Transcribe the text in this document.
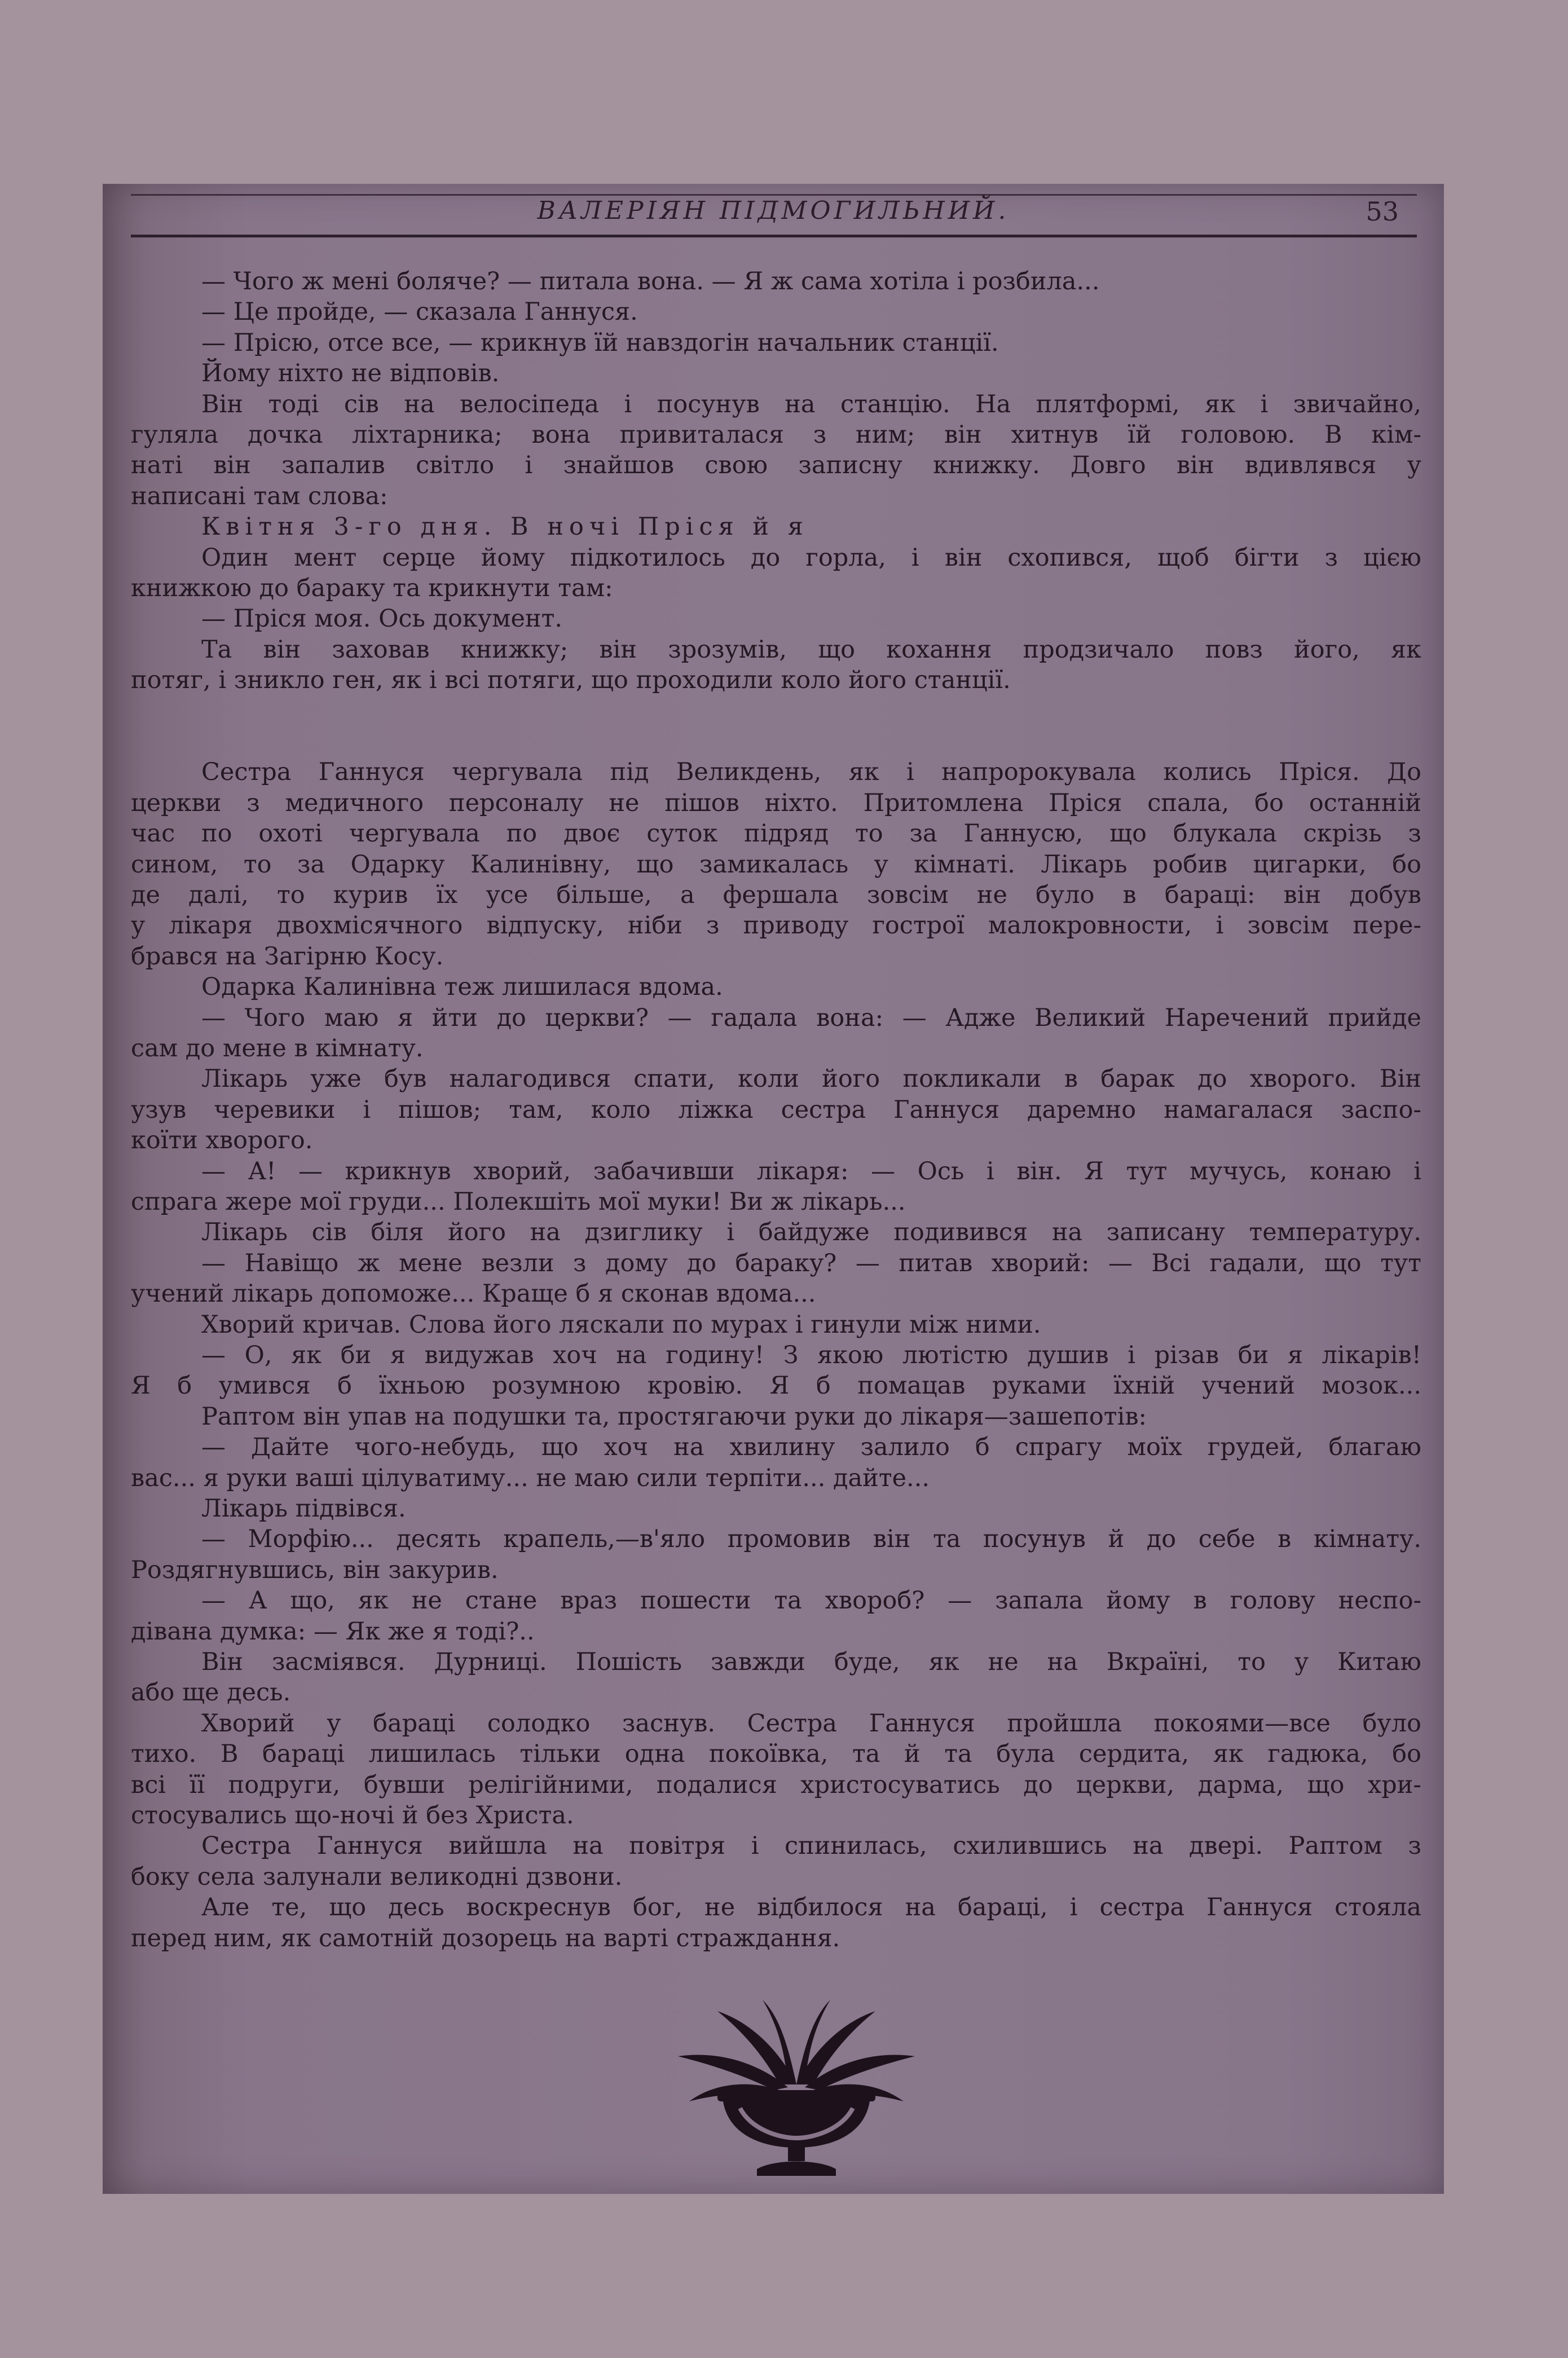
ВАЛЕРІЯН ПІДМОГИЛЬНИЙ.	53
— Чого ж мені боляче? — питала вона. — Я ж сама хотіла і розбила...
— Це пройде, — сказала Ганнуся.
— Прісю, отсе все, — крикнув їй навздогін начальник станції.
Йому ніхто не відповів.
Він тоді сів на велосіпеда і посунув на станцію. На плятформі, як і звичайно,
гуляла дочка ліхтарника; вона привиталася з ним; він хитнув їй головою. В кім-
наті він запалив світло і знайшов свою записну книжку. Довго він вдивлявся у
написані там слова:
Квітня 3-го дня. В ночі Пріся й я
Один мент серце йому підкотилось до горла, і він схопився, щоб бігти з цією
книжкою до бараку та крикнути там:
— Пріся моя. Ось документ.
Та він заховав книжку; він зрозумів, що кохання продзичало повз його, як
потяг, і зникло ген, як і всі потяги, що проходили коло його станції.
Сестра Ганнуся чергувала під Великдень, як і напророкувала колись Пріся. До
церкви з медичного персоналу не пішов ніхто. Притомлена Пріся спала, бо останній
час по охоті чергувала по двоє суток підряд то за Ганнусю, що блукала скрізь з
сином, то за Одарку Калинівну, що замикалась у кімнаті. Лікарь робив цигарки, бо
де далі, то курив їх усе більше, а фершала зовсім не було в бараці: він добув
у лікаря двохмісячного відпуску, ніби з приводу гострої малокровности, і зовсім пере-
брався на Загірню Косу.
Одарка Калинівна теж лишилася вдома.
— Чого маю я йти до церкви? — гадала вона: — Адже Великий Наречений прийде
сам до мене в кімнату.
Лікарь уже був налагодився спати, коли його покликали в барак до хворого. Він
узув черевики і пішов; там, коло ліжка сестра Ганнуся даремно намагалася заспо-
коїти хворого.
— А! — крикнув хворий, забачивши лікаря: — Ось і він. Я тут мучусь, конаю і
спрага жере мої груди... Полекшіть мої муки! Ви ж лікарь...
Лікарь сів біля його на дзиглику і байдуже подивився на записану температуру.
— Навіщо ж мене везли з дому до бараку? — питав хворий: — Всі гадали, що тут
учений лікарь допоможе... Краще б я сконав вдома...
Хворий кричав. Слова його ляскали по мурах і гинули між ними.
— О, як би я видужав хоч на годину! З якою лютістю душив і різав би я лікарів!
Я б умився б їхньою розумною кровію. Я б помацав руками їхній учений мозок...
Раптом він упав на подушки та, простягаючи руки до лікаря—зашепотів:
— Дайте чого-небудь, що хоч на хвилину залило б спрагу моїх грудей, благаю
вас... я руки ваші цілуватиму... не маю сили терпіти... дайте...
Лікарь підвівся.
— Морфію... десять крапель,—в'яло промовив він та посунув й до себе в кімнату.
Роздягнувшись, він закурив.
— А що, як не стане враз пошести та хвороб? — запала йому в голову неспо-
дівана думка: — Як же я тоді?..
Він засміявся. Дурниці. Пошість завжди буде, як не на Вкраїні, то у Китаю
або ще десь.
Хворий у бараці солодко заснув. Сестра Ганнуся пройшла покоями—все було
тихо. В бараці лишилась тільки одна покоївка, та й та була сердита, як гадюка, бо
всі її подруги, бувши релігійними, подалися христосуватись до церкви, дарма, що хри-
стосувались що-ночі й без Христа.
Сестра Ганнуся вийшла на повітря і спинилась, схилившись на двері. Раптом з
боку села залунали великодні дзвони.
Але те, що десь воскреснув бог, не відбилося на бараці, і сестра Ганнуся стояла
перед ним, як самотній дозорець на варті страждання.
